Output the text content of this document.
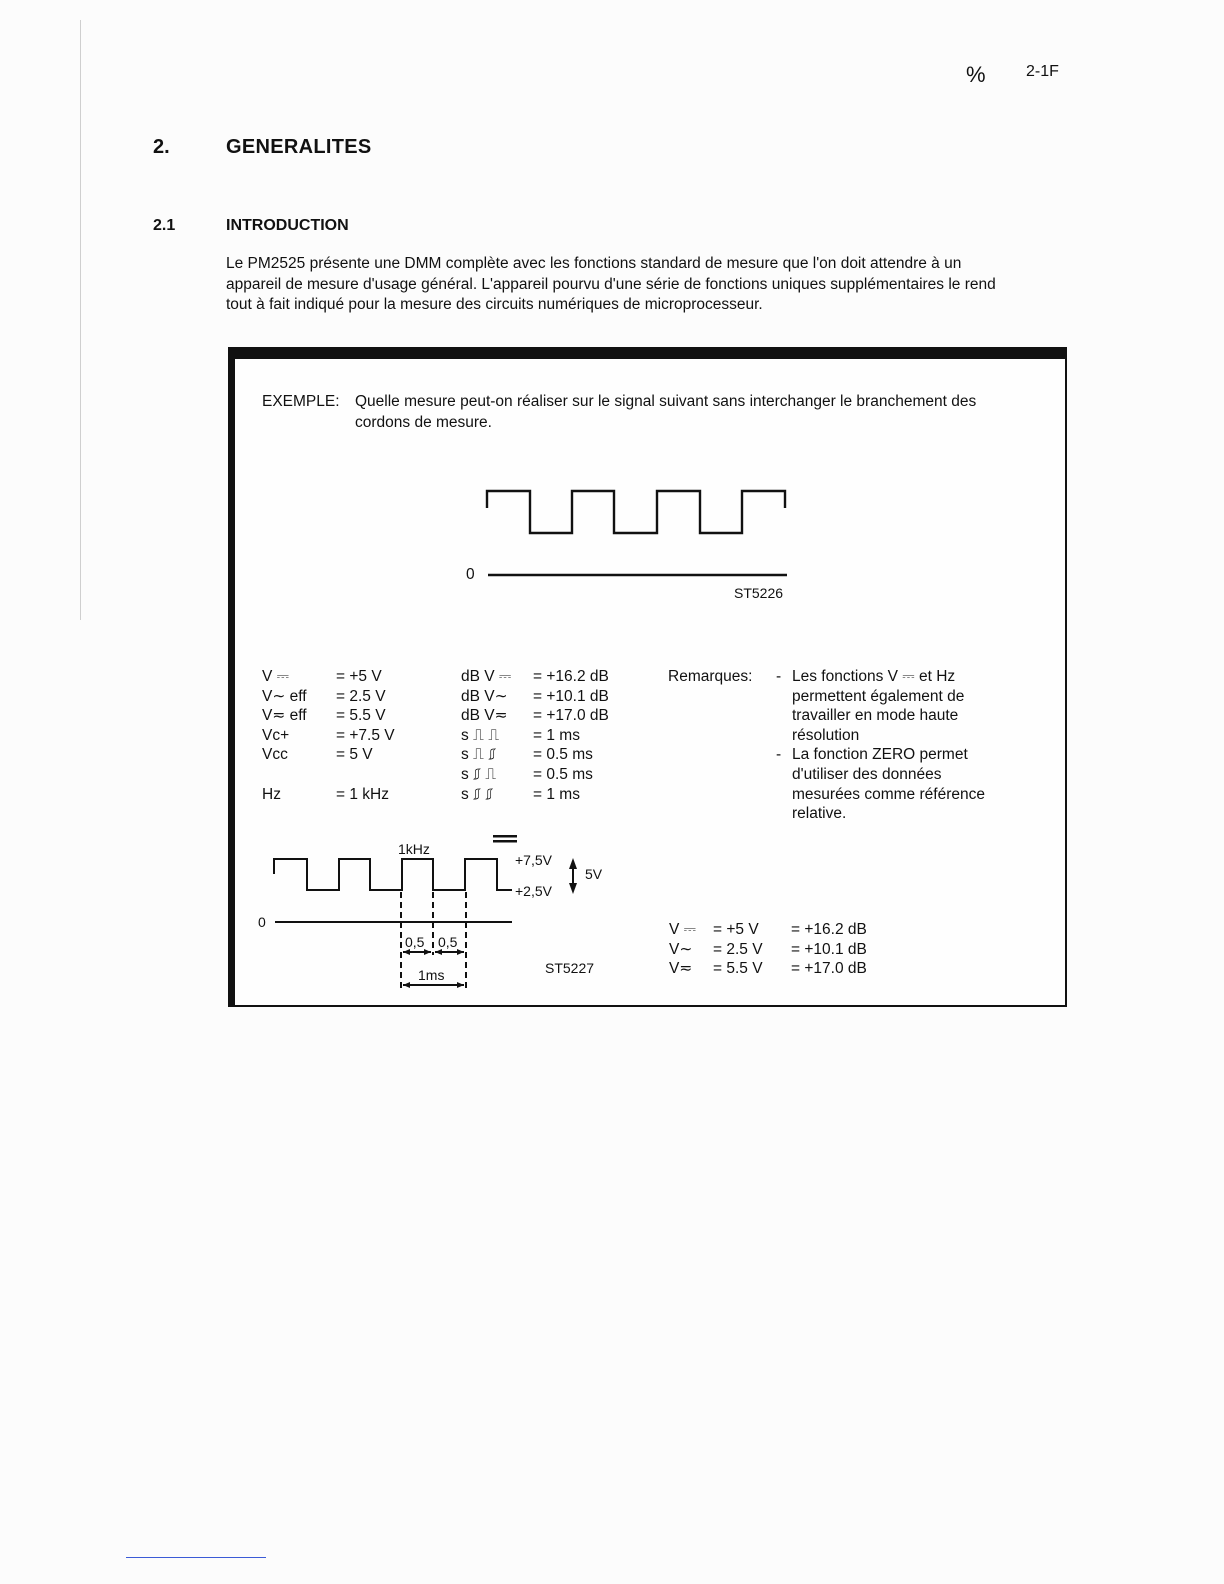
%	2-1F
2.	GENERALITES
2.1	INTRODUCTION
Le PM2525 présente une DMM complète avec les fonctions standard de mesure que l'on doit attendre à un
appareil de mesure d'usage général. L'appareil pourvu d'une série de fonctions uniques supplémentaires le rend
tout à fait indiqué pour la mesure des circuits numériques de microprocesseur.
EXEMPLE: Quelle mesure peut-on réaliser sur le signal suivant sans interchanger le branchement des
cordons de mesure.
0
ST5226
V ⎓	= +5 V
V∼ eff = 2.5 V
V≂ eff = 5.5 V
Vc+	= +7.5 V
Vcc	= 5 V

Hz	= 1 kHz
dB V ⎓ = +16.2 dB
dB V∼ = +10.1 dB
dB V≂ = +17.0 dB
s ⎍ ⎍ = 1 ms
s ⎍ ⎎ = 0.5 ms
s ⎎ ⎍ = 0.5 ms
s ⎎ ⎎	= 1 ms
Remarques: - Les fonctions V ⎓ et Hz
permettent également de
travailler en mode haute
résolution
- La fonction ZERO permet
d'utiliser des données
mesurées comme référence
relative.
1kHz
+7,5V
+2,5V
5V
0
0,5 0,5
1ms	ST5227
V ⎓ = +5 V = +16.2 dB
V∼ = 2.5 V = +10.1 dB
V≂ = 5.5 V = +17.0 dB
